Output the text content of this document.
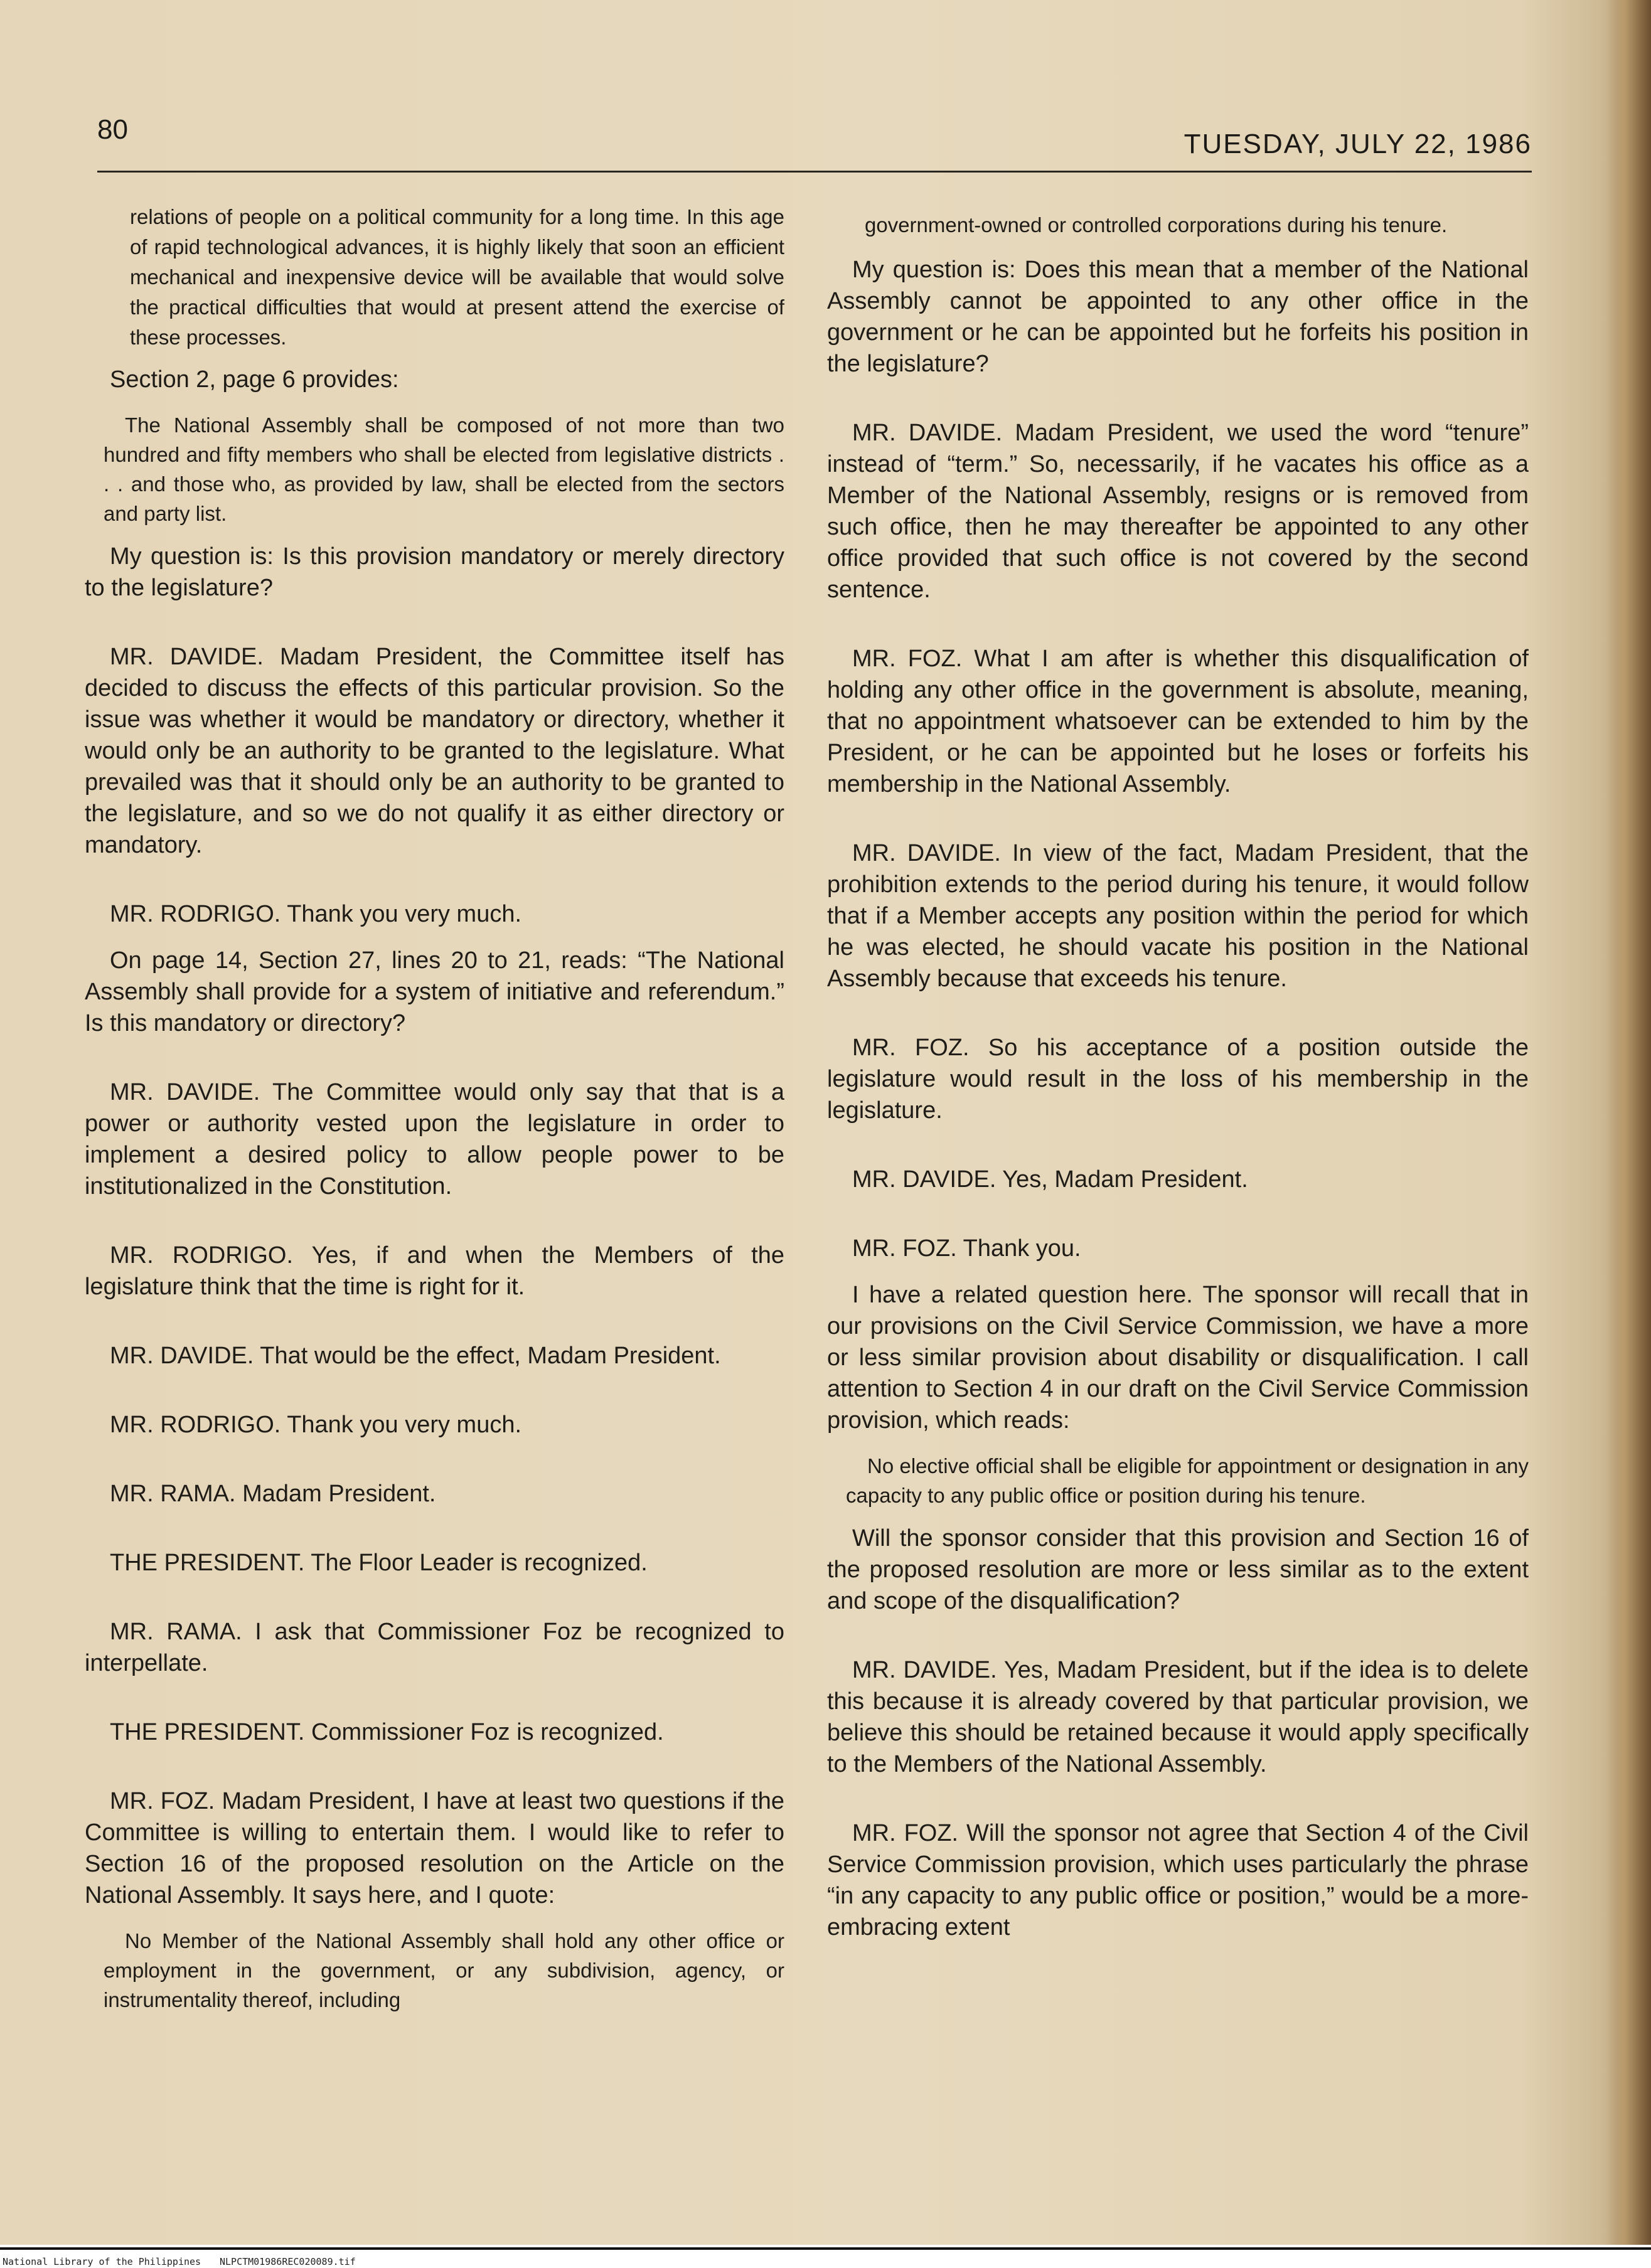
80	TUESDAY, JULY 22, 1986

relations of people on a political community for a long time. In this age of rapid technological advances, it is highly likely that soon an efficient mechanical and inexpensive device will be available that would solve the practical difficulties that would at present attend the exercise of these processes.

Section 2, page 6 provides:

The National Assembly shall be composed of not more than two hundred and fifty members who shall be elected from legislative districts . . . and those who, as provided by law, shall be elected from the sectors and party list.

My question is: Is this provision mandatory or merely directory to the legislature?

MR. DAVIDE. Madam President, the Committee itself has decided to discuss the effects of this particular provision. So the issue was whether it would be mandatory or directory, whether it would only be an authority to be granted to the legislature. What prevailed was that it should only be an authority to be granted to the legislature, and so we do not qualify it as either directory or mandatory.

MR. RODRIGO. Thank you very much.

On page 14, Section 27, lines 20 to 21, reads: “The National Assembly shall provide for a system of initiative and referendum.” Is this mandatory or directory?

MR. DAVIDE. The Committee would only say that that is a power or authority vested upon the legislature in order to implement a desired policy to allow people power to be institutionalized in the Constitution.

MR. RODRIGO. Yes, if and when the Members of the legislature think that the time is right for it.

MR. DAVIDE. That would be the effect, Madam President.

MR. RODRIGO. Thank you very much.

MR. RAMA. Madam President.

THE PRESIDENT. The Floor Leader is recognized.

MR. RAMA. I ask that Commissioner Foz be recognized to interpellate.

THE PRESIDENT. Commissioner Foz is recognized.

MR. FOZ. Madam President, I have at least two questions if the Committee is willing to entertain them. I would like to refer to Section 16 of the proposed resolution on the Article on the National Assembly. It says here, and I quote:

No Member of the National Assembly shall hold any other office or employment in the government, or any subdivision, agency, or instrumentality thereof, including

government-owned or controlled corporations during his tenure.

My question is: Does this mean that a member of the National Assembly cannot be appointed to any other office in the government or he can be appointed but he forfeits his position in the legislature?

MR. DAVIDE. Madam President, we used the word “tenure” instead of “term.” So, necessarily, if he vacates his office as a Member of the National Assembly, resigns or is removed from such office, then he may thereafter be appointed to any other office provided that such office is not covered by the second sentence.

MR. FOZ. What I am after is whether this disqualification of holding any other office in the government is absolute, meaning, that no appointment whatsoever can be extended to him by the President, or he can be appointed but he loses or forfeits his membership in the National Assembly.

MR. DAVIDE. In view of the fact, Madam President, that the prohibition extends to the period during his tenure, it would follow that if a Member accepts any position within the period for which he was elected, he should vacate his position in the National Assembly because that exceeds his tenure.

MR. FOZ. So his acceptance of a position outside the legislature would result in the loss of his membership in the legislature.

MR. DAVIDE. Yes, Madam President.

MR. FOZ. Thank you.

I have a related question here. The sponsor will recall that in our provisions on the Civil Service Commission, we have a more or less similar provision about disability or disqualification. I call attention to Section 4 in our draft on the Civil Service Commission provision, which reads:

No elective official shall be eligible for appointment or designation in any capacity to any public office or position during his tenure.

Will the sponsor consider that this provision and Section 16 of the proposed resolution are more or less similar as to the extent and scope of the disqualification?

MR. DAVIDE. Yes, Madam President, but if the idea is to delete this because it is already covered by that particular provision, we believe this should be retained because it would apply specifically to the Members of the National Assembly.

MR. FOZ. Will the sponsor not agree that Section 4 of the Civil Service Commission provision, which uses particularly the phrase “in any capacity to any public office or position,” would be a more-embracing extent

National Library of the Philippines NLPCTM01986REC020089.tif
